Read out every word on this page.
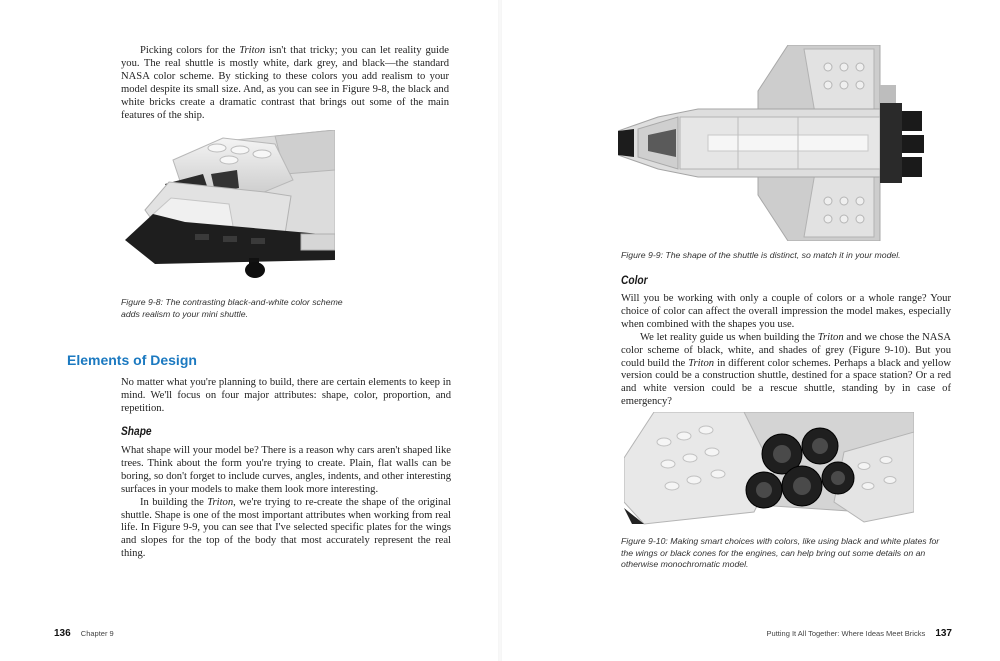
Picking colors for the Triton isn't that tricky; you can let reality guide you. The real shuttle is mostly white, dark grey, and black—the standard NASA color scheme. By sticking to these colors you add realism to your model despite its small size. And, as you can see in Figure 9-8, the black and white bricks create a dramatic contrast that brings out some of the main features of the ship.

Figure 9-8: The contrasting black-and-white color scheme adds realism to your mini shuttle.

Elements of Design

No matter what you're planning to build, there are certain elements to keep in mind. We'll focus on four major attributes: shape, color, proportion, and repetition.

Shape

What shape will your model be? There is a reason why cars aren't shaped like trees. Think about the form you're trying to create. Plain, flat walls can be boring, so don't forget to include curves, angles, indents, and other interesting surfaces in your models to make them look more interesting.

In building the Triton, we're trying to re-create the shape of the original shuttle. Shape is one of the most important attributes when working from real life. In Figure 9-9, you can see that I've selected specific plates for the wings and slopes for the top of the body that most accurately represent the real thing.

136 Chapter 9

Figure 9-9: The shape of the shuttle is distinct, so match it in your model.

Color

Will you be working with only a couple of colors or a whole range? Your choice of color can affect the overall impression the model makes, especially when combined with the shapes you use.

We let reality guide us when building the Triton and we chose the NASA color scheme of black, white, and shades of grey (Figure 9-10). But you could build the Triton in different color schemes. Perhaps a black and yellow version could be a construction shuttle, destined for a space station? Or a red and white version could be a rescue shuttle, standing by in case of emergency?

Figure 9-10: Making smart choices with colors, like using black and white plates for the wings or black cones for the engines, can help bring out some details on an otherwise monochromatic model.

Putting It All Together: Where Ideas Meet Bricks 137
